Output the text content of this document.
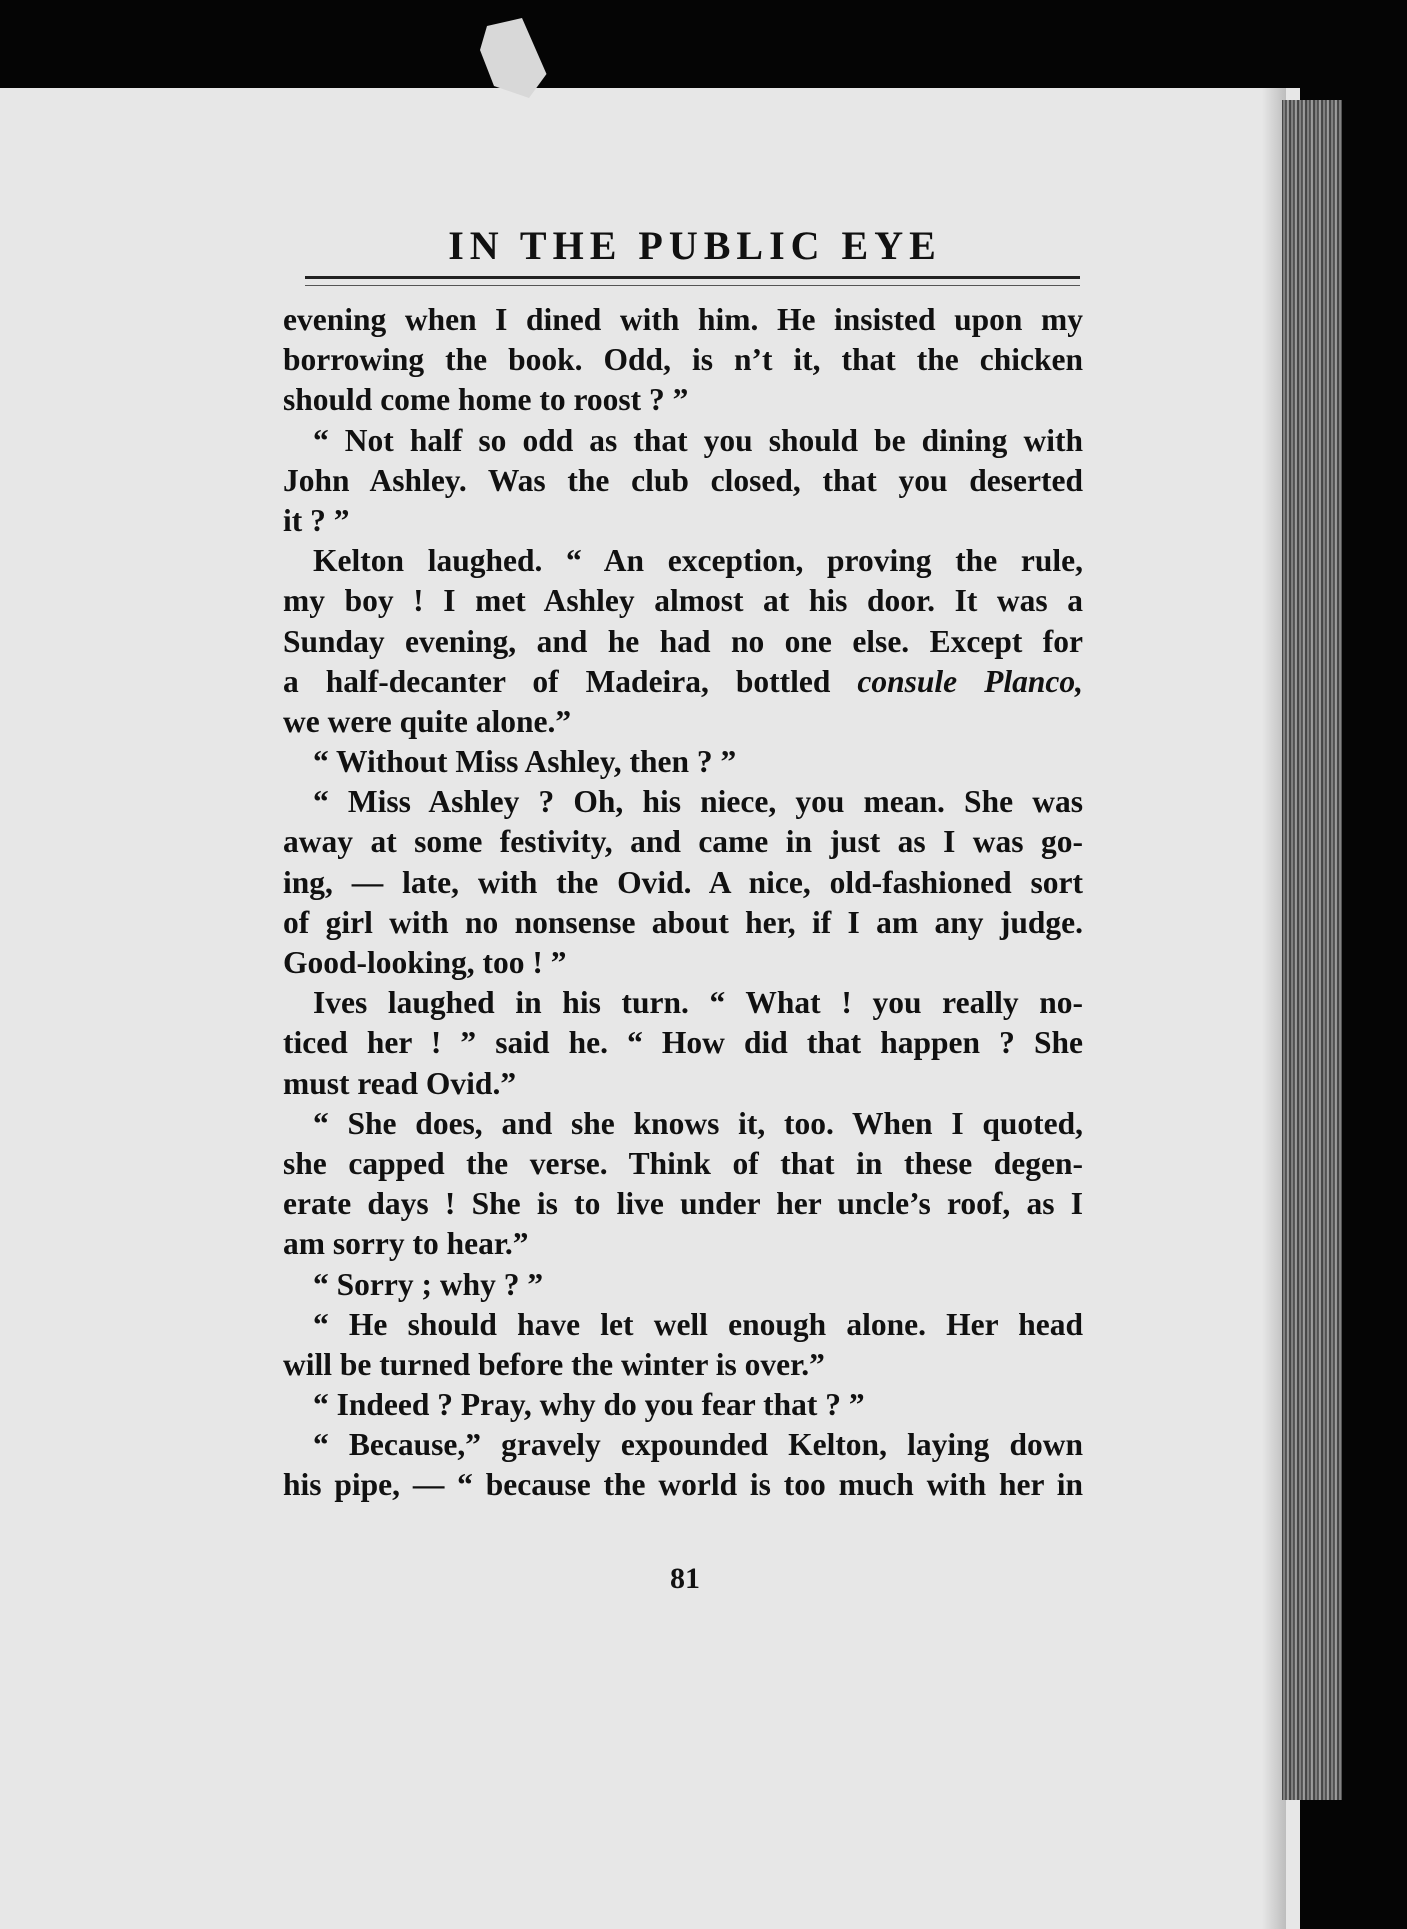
IN THE PUBLIC EYE
evening when I dined with him. He insisted upon my
borrowing the book. Odd, is n’t it, that the chicken
should come home to roost ? ”
“ Not half so odd as that you should be dining with
John Ashley. Was the club closed, that you deserted
it ? ”
Kelton laughed. “ An exception, proving the rule,
my boy ! I met Ashley almost at his door. It was a
Sunday evening, and he had no one else. Except for
a half-decanter of Madeira, bottled consule Planco,
we were quite alone.”
“ Without Miss Ashley, then ? ”
“ Miss Ashley ? Oh, his niece, you mean. She was
away at some festivity, and came in just as I was go-
ing, — late, with the Ovid. A nice, old-fashioned sort
of girl with no nonsense about her, if I am any judge.
Good-looking, too ! ”
Ives laughed in his turn. “ What ! you really no-
ticed her ! ” said he. “ How did that happen ? She
must read Ovid.”
“ She does, and she knows it, too. When I quoted,
she capped the verse. Think of that in these degen-
erate days ! She is to live under her uncle’s roof, as I
am sorry to hear.”
“ Sorry ; why ? ”
“ He should have let well enough alone. Her head
will be turned before the winter is over.”
“ Indeed ? Pray, why do you fear that ? ”
“ Because,” gravely expounded Kelton, laying down
his pipe, — “ because the world is too much with her in
81
